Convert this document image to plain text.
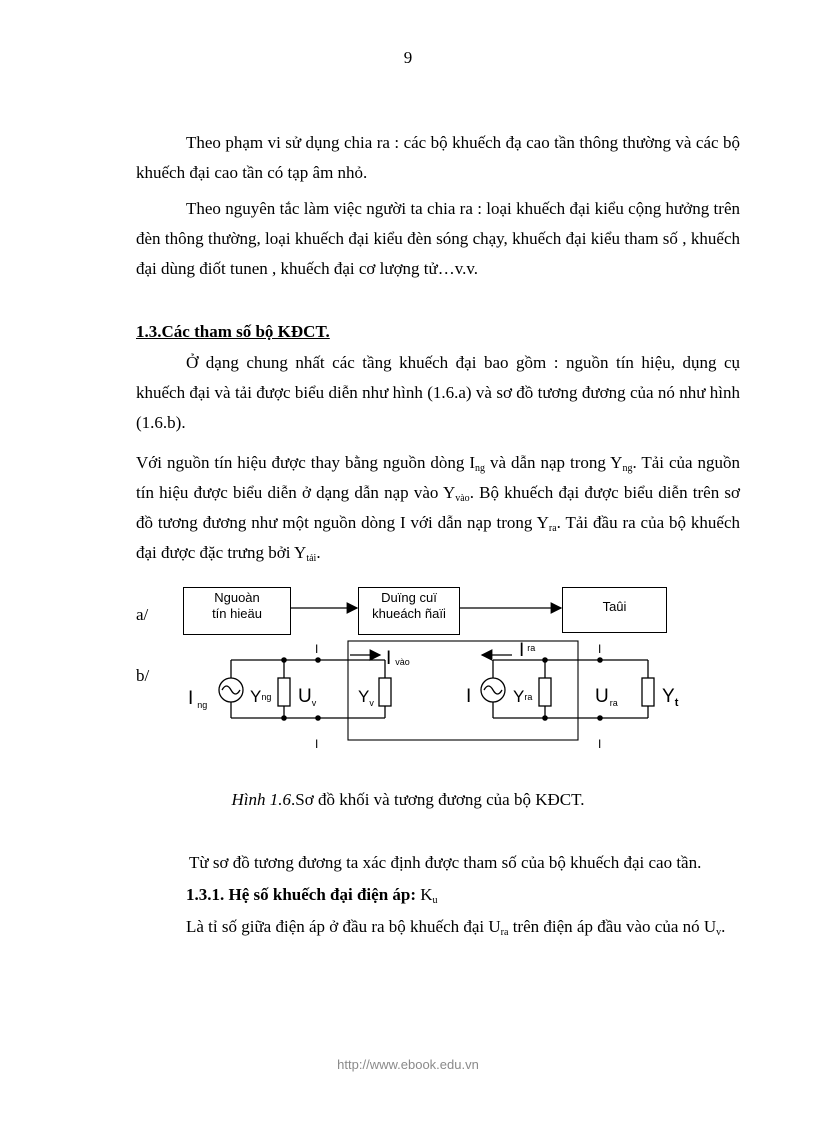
9
Theo phạm vi sử dụng chia ra : các bộ khuếch đạ cao tần thông thường và các bộ khuếch đại cao tần có tạp âm nhỏ.
Theo nguyên tắc làm việc người ta chia ra : loại khuếch đại kiểu cộng hưởng trên đèn thông thường, loại khuếch đại kiểu đèn sóng chạy, khuếch đại kiểu tham số , khuếch đại dùng điốt tunen , khuếch đại cơ lượng tử…v.v.
1.3.Các tham số bộ KĐCT.
Ở dạng chung nhất các tầng khuếch đại bao gồm : nguồn tín hiệu, dụng cụ khuếch đại và tải được biểu diễn như hình (1.6.a) và sơ đồ tương đương của nó như hình (1.6.b).
Với nguồn tín hiệu được thay bằng nguồn dòng $I_{ng}$ và dẫn nạp trong $Y_{ng}$. Tải của nguồn tín hiệu được biểu diễn ở dạng dẫn nạp vào $Y_{vào}$. Bộ khuếch đại được biểu diễn trên sơ đồ tương đương như một nguồn dòng I với dẫn nạp trong $Y_{ra}$. Tải đầu ra của bộ khuếch đại được đặc trưng bởi $Y_{tải}$.
a/
b/
Nguoàn
tín hieäu
Duïng cuï
khueách ñaïi	Taûi
I
I
I
I
I $_{ng}$	Yng $U_v$ $Y_v$
Ivào
I $^{ra}$
I Yra	$U_{ra}$ $Y_t$
Hình 1.6.Sơ đồ khối và tương đương của bộ KĐCT.
Từ sơ đồ tương đương ta xác định được tham số của bộ khuếch đại cao tần.
1.3.1. Hệ số khuếch đại điện áp: $K_u$
Là tỉ số giữa điện áp ở đầu ra bộ khuếch đại $U_{ra}$ trên điện áp đầu vào của nó $U_v$.
http://www.ebook.edu.vn
